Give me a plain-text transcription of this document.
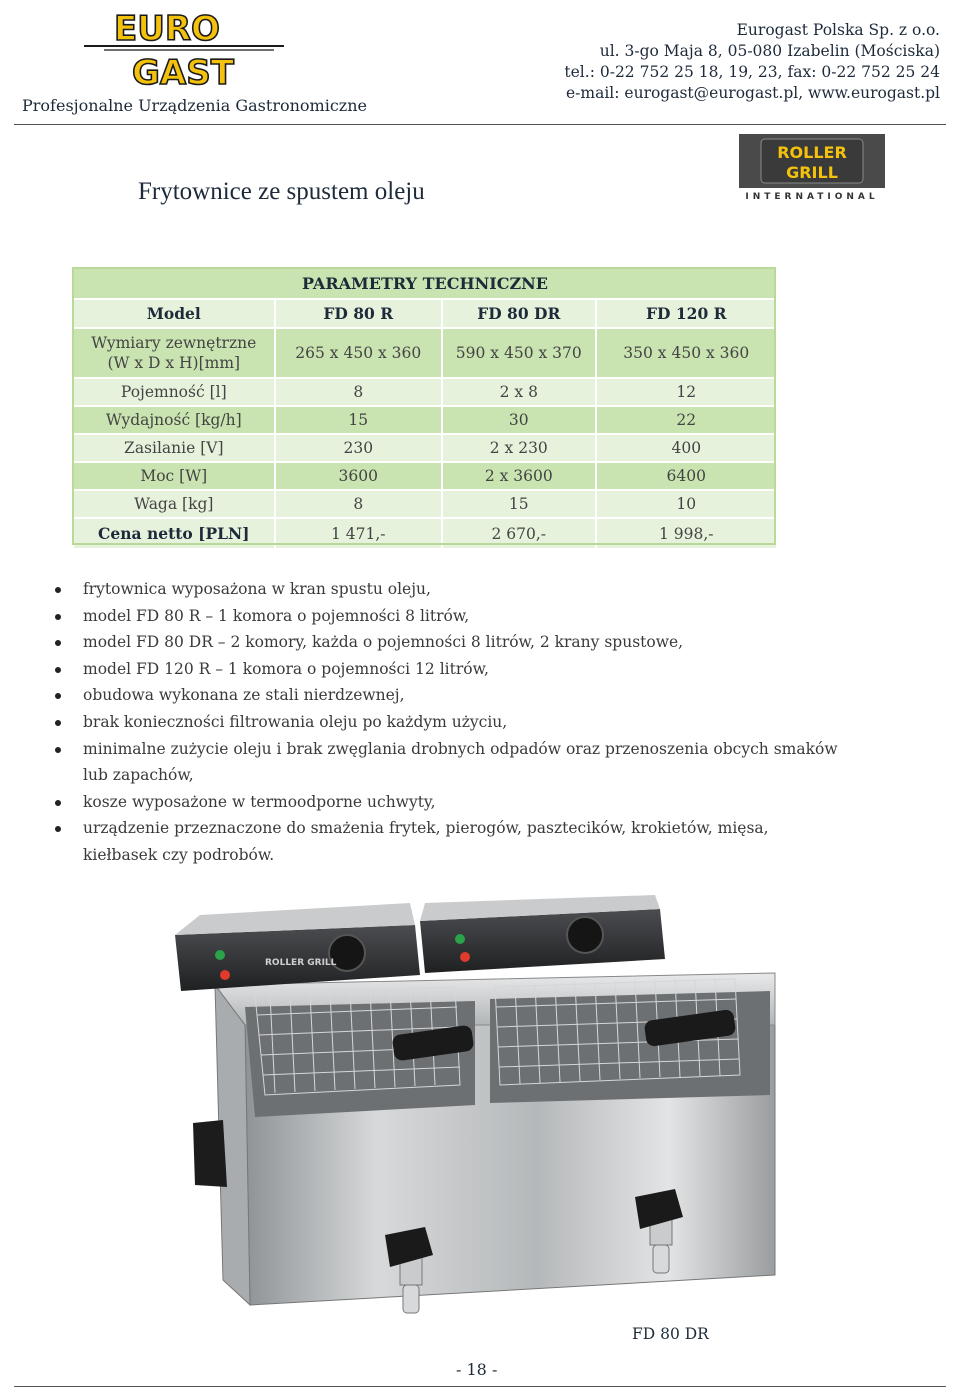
EURO
GAST
Profesjonalne Urządzenia Gastronomiczne
Eurogast Polska Sp. z o.o.
ul. 3-go Maja 8, 05-080 Izabelin (Mościska)
tel.: 0-22 752 25 18, 19, 23, fax: 0-22 752 25 24
e-mail: eurogast@eurogast.pl, www.eurogast.pl
ROLLER
GRILL
INTERNATIONAL
Frytownice ze spustem oleju
PARAMETRY TECHNICZNE			
Model	FD 80 R	FD 80 DR	FD 120 R
Wymiary zewnętrzne
(W x D x H)[mm]	265 x 450 x 360	590 x 450 x 370	350 x 450 x 360
Pojemność [l]	8	2 x 8	12
Wydajność [kg/h]	15	30	22
Zasilanie [V]	230	2 x 230	400
Moc [W]	3600	2 x 3600	6400
Waga [kg]	8	15	10
Cena netto [PLN]	1 471,-	2 670,-	1 998,-
frytownica wyposażona w kran spustu oleju,
model FD 80 R – 1 komora o pojemności 8 litrów,
model FD 80 DR – 2 komory, każda o pojemności 8 litrów, 2 krany spustowe,
model FD 120 R – 1 komora o pojemności 12 litrów,
obudowa wykonana ze stali nierdzewnej,
brak konieczności filtrowania oleju po każdym użyciu,
minimalne zużycie oleju i brak zwęglania drobnych odpadów oraz przenoszenia obcych smaków
lub zapachów,
kosze wyposażone w termoodporne uchwyty,
urządzenie przeznaczone do smażenia frytek, pierogów, pasztecików, krokietów, mięsa,
kiełbasek czy podrobów.
ROLLER GRILL
FD 80 DR
- 18 -
